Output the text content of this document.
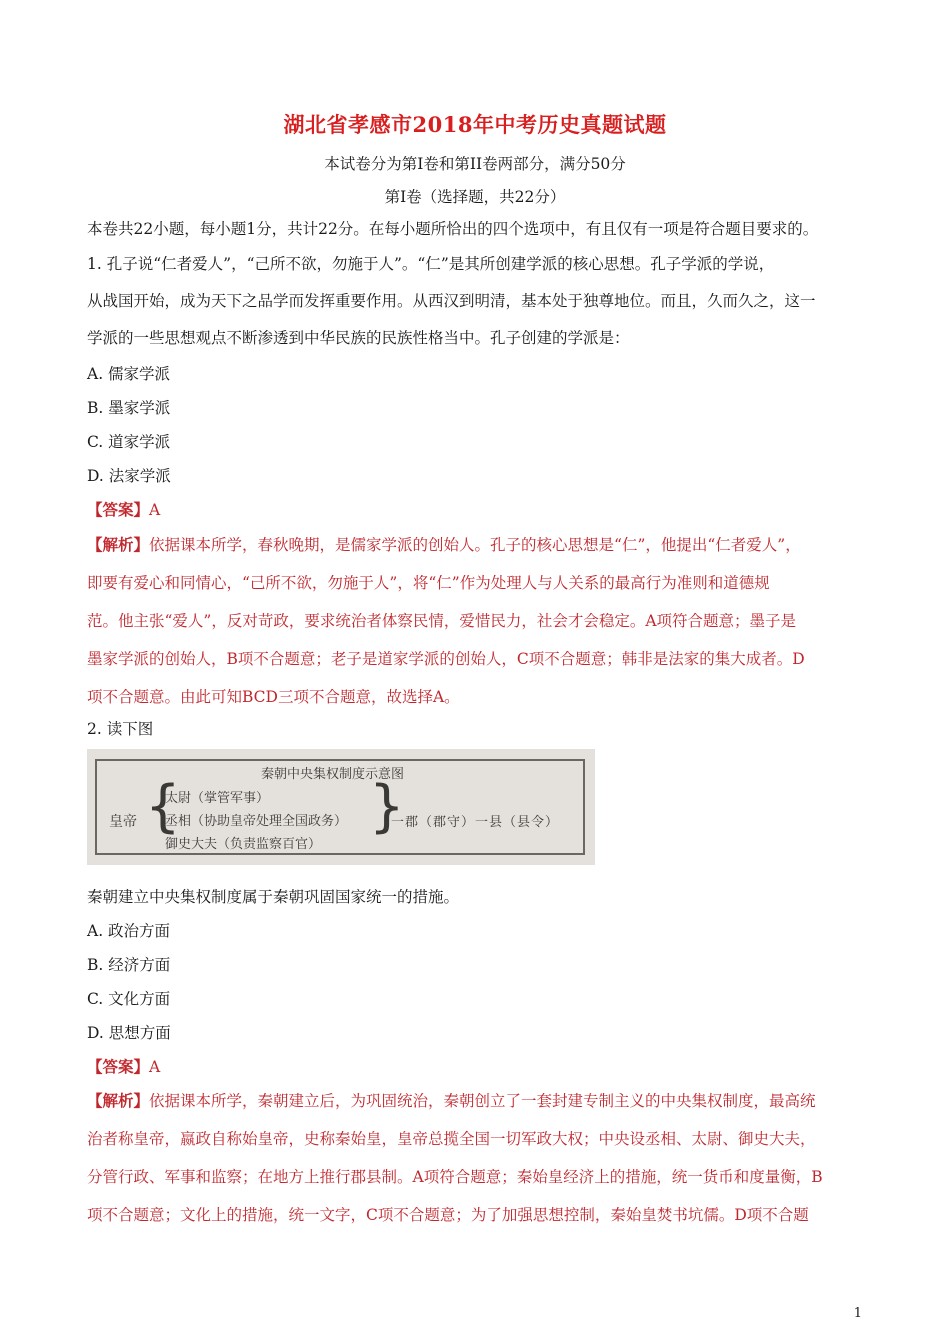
湖北省孝感市2018年中考历史真题试题
本试卷分为第I卷和第II卷两部分，满分50分
第I卷（选择题，共22分）
本卷共22小题，每小题1分，共计22分。在每小题所恰出的四个选项中，有且仅有一项是符合题目要求的。
1. 孔子说“仁者爱人”，“己所不欲，勿施于人”。“仁”是其所创建学派的核心思想。孔子学派的学说，
从战国开始，成为天下之品学而发挥重要作用。从西汉到明清，基本处于独尊地位。而且，久而久之，这一
学派的一些思想观点不断渗透到中华民族的民族性格当中。孔子创建的学派是：
A. 儒家学派
B. 墨家学派
C. 道家学派
D. 法家学派
【答案】A
【解析】依据课本所学，春秋晚期，是儒家学派的创始人。孔子的核心思想是“仁”，他提出“仁者爱人”，
即要有爱心和同情心，“己所不欲，勿施于人”，将“仁”作为处理人与人关系的最高行为准则和道德规
范。他主张“爱人”，反对苛政，要求统治者体察民情，爱惜民力，社会才会稳定。A项符合题意；墨子是
墨家学派的创始人，B项不合题意；老子是道家学派的创始人，C项不合题意；韩非是法家的集大成者。D
项不合题意。由此可知BCD三项不合题意，故选择A。
2. 读下图
秦朝中央集权制度示意图
皇帝 {
太尉（掌管军事）
丞相（协助皇帝处理全国政务）
御史大夫（负责监察百官）
}
一郡（郡守）一县（县令）
秦朝建立中央集权制度属于秦朝巩固国家统一的措施。
A. 政治方面
B. 经济方面
C. 文化方面
D. 思想方面
【答案】A
【解析】依据课本所学，秦朝建立后，为巩固统治，秦朝创立了一套封建专制主义的中央集权制度，最高统
治者称皇帝，嬴政自称始皇帝，史称秦始皇，皇帝总揽全国一切军政大权；中央设丞相、太尉、御史大夫，
分管行政、军事和监察；在地方上推行郡县制。A项符合题意；秦始皇经济上的措施，统一货币和度量衡，B
项不合题意；文化上的措施，统一文字，C项不合题意；为了加强思想控制，秦始皇焚书坑儒。D项不合题
1
